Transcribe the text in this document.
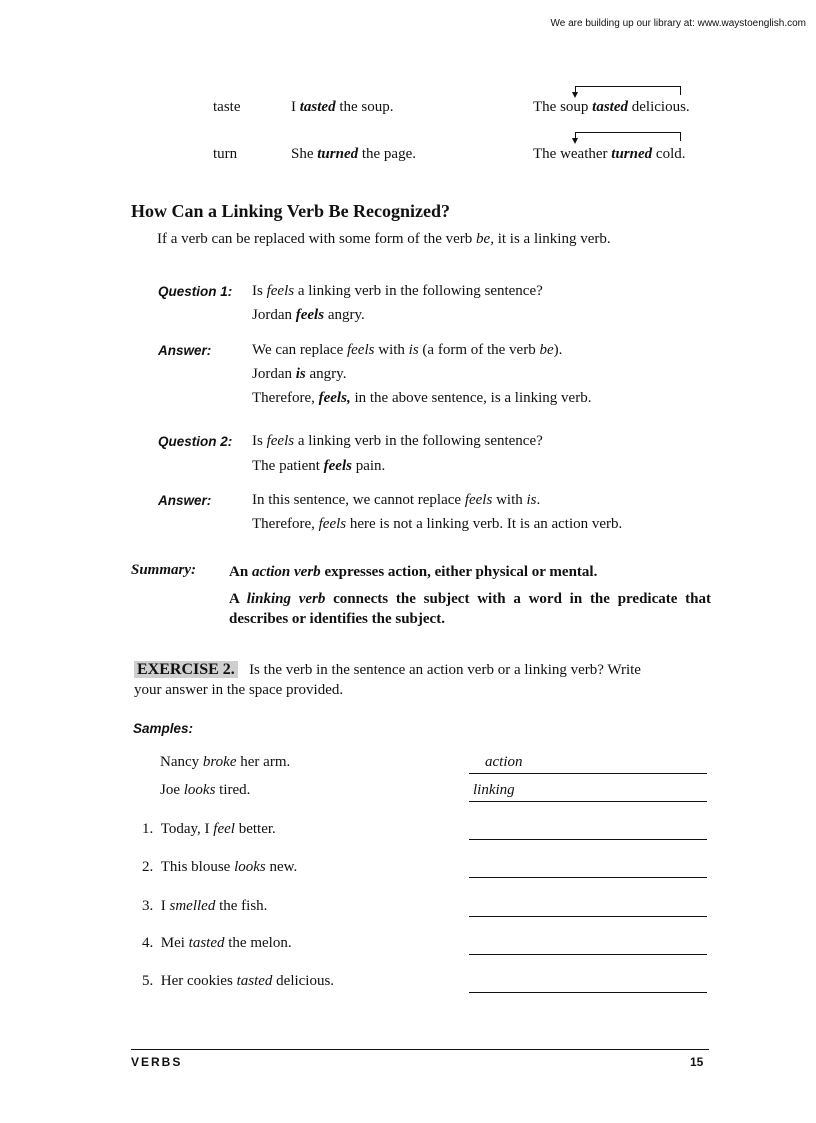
We are building up our library at: www.waystoenglish.com
taste	I tasted the soup.	The soup tasted delicious.
turn	She turned the page.	The weather turned cold.
How Can a Linking Verb Be Recognized?
If a verb can be replaced with some form of the verb be, it is a linking verb.
Question 1: Is feels a linking verb in the following sentence?
Jordan feels angry.
Answer:	We can replace feels with is (a form of the verb be).
Jordan is angry.
Therefore, feels, in the above sentence, is a linking verb.
Question 2: Is feels a linking verb in the following sentence?
The patient feels pain.
Answer:	In this sentence, we cannot replace feels with is.
Therefore, feels here is not a linking verb. It is an action verb.
Summary: An action verb expresses action, either physical or mental.
A linking verb connects the subject with a word in the predicate that describes or identifies the subject.
EXERCISE 2. Is the verb in the sentence an action verb or a linking verb? Write
your answer in the space provided.
Samples:
Nancy broke her arm.	action
Joe looks tired.	linking
1. Today, I feel better.
2. This blouse looks new.
3. I smelled the fish.
4. Mei tasted the melon.
5. Her cookies tasted delicious.
VERBS	15
